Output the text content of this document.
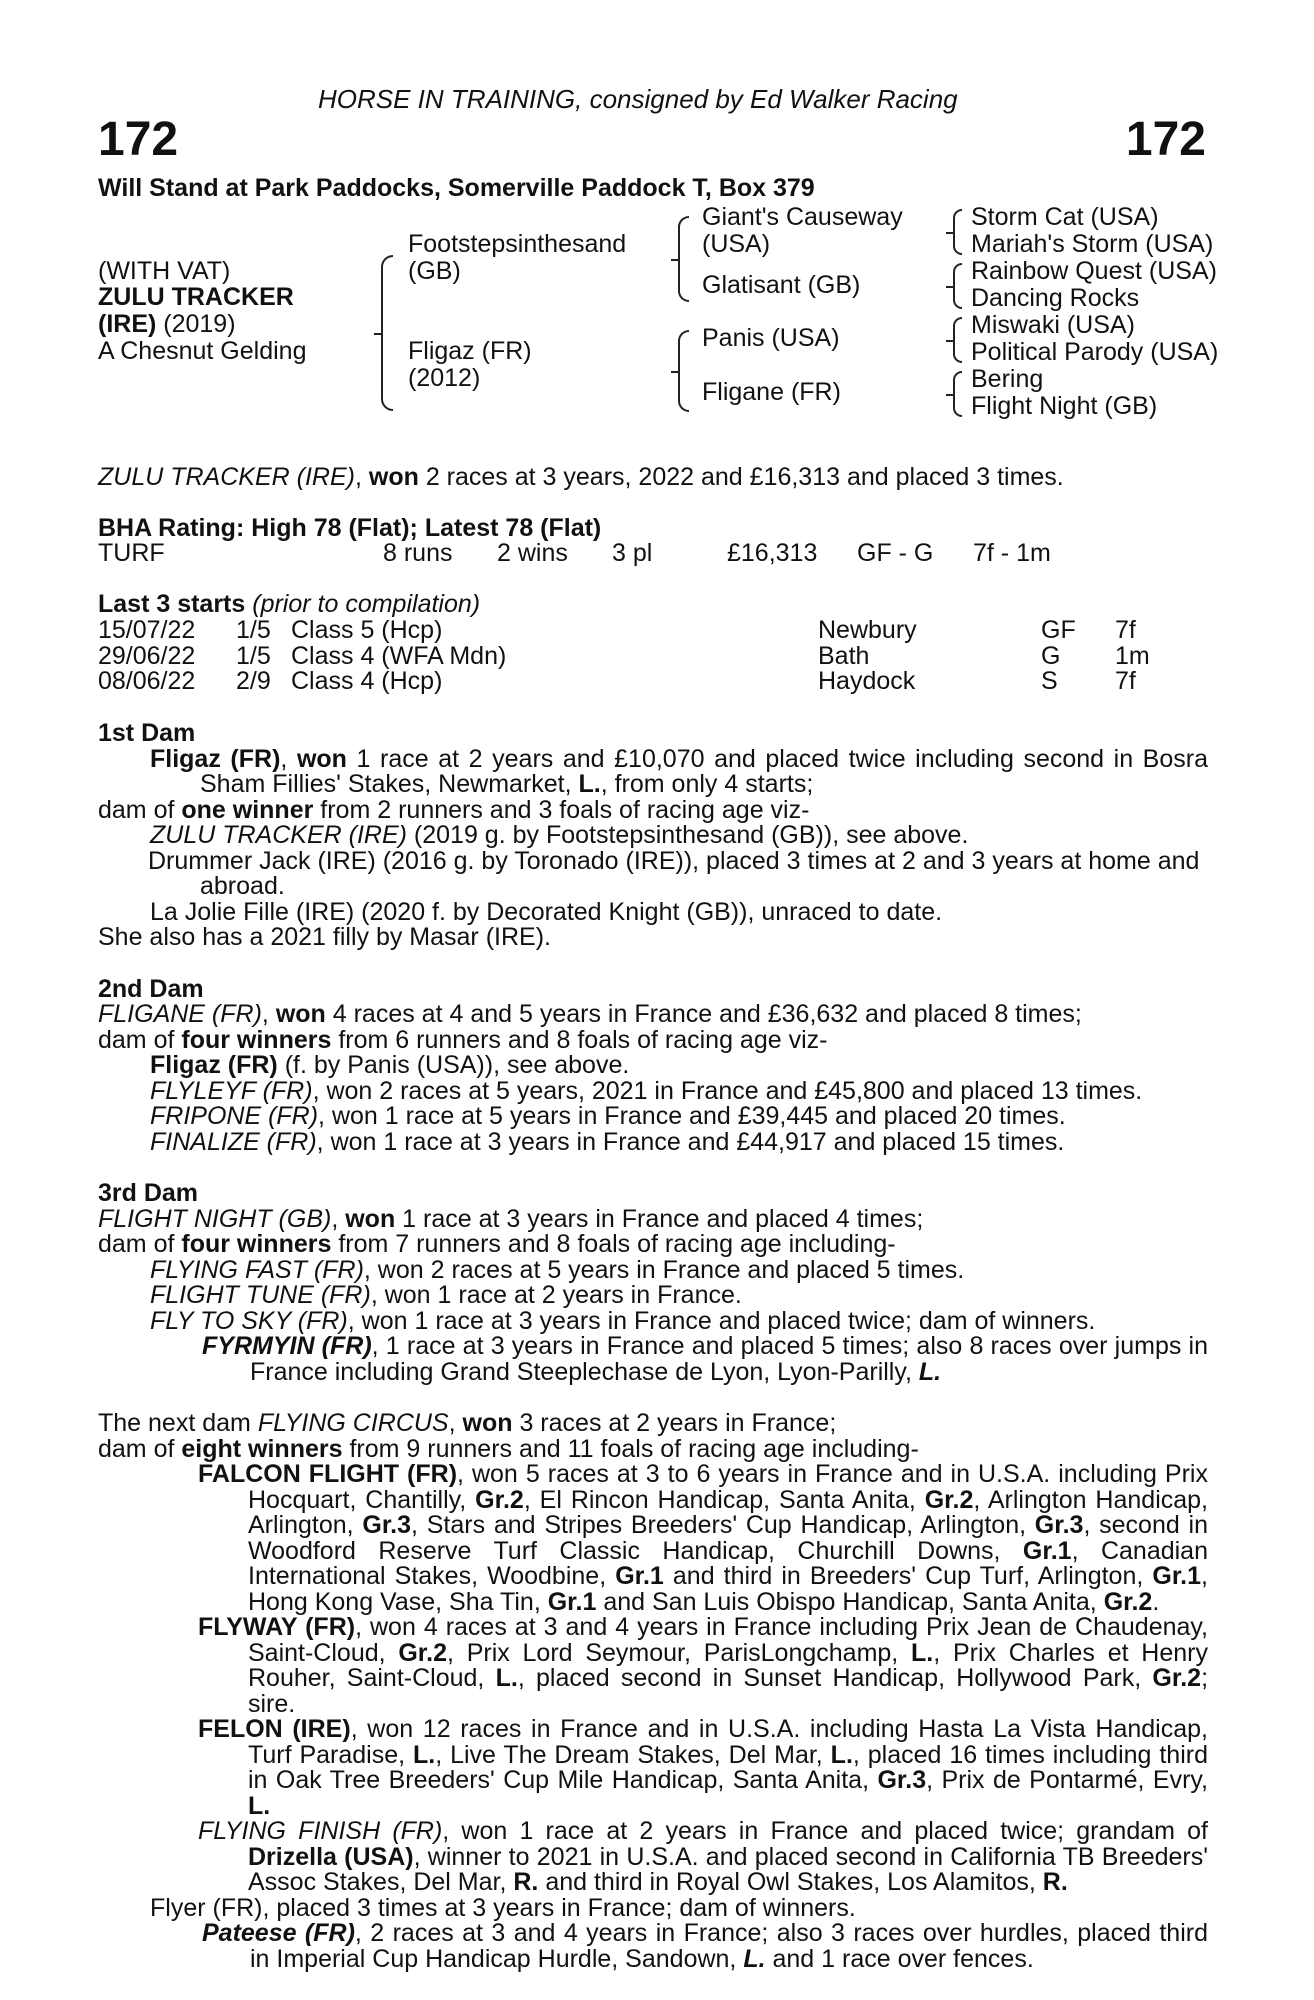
HORSE IN TRAINING, consigned by Ed Walker Racing
172	172
Will Stand at Park Paddocks, Somerville Paddock T, Box 379
(WITH VAT)
ZULU TRACKER
(IRE) (2019)
A Chesnut Gelding
Footstepsinthesand
(GB)
Fligaz (FR)
(2012)
Giant's Causeway
(USA)
Glatisant (GB)
Panis (USA)
Fligane (FR)
Storm Cat (USA)
Mariah's Storm (USA)
Rainbow Quest (USA)
Dancing Rocks
Miswaki (USA)
Political Parody (USA)
Bering
Flight Night (GB)
ZULU TRACKER (IRE), won 2 races at 3 years, 2022 and £16,313 and placed 3 times.
BHA Rating: High 78 (Flat); Latest 78 (Flat)
TURF	8 runs 2 wins 3 pl	£16,313 GF - G 7f - 1m
Last 3 starts (prior to compilation)
15/07/22 1/5 Class 5 (Hcp)	Newbury	GF 7f
29/06/22 1/5 Class 4 (WFA Mdn)	Bath	G 1m
08/06/22 2/9 Class 4 (Hcp)	Haydock	S 7f

1st Dam

Fligaz (FR), won 1 race at 2 years and £10,070 and placed twice including second in Bosra Sham Fillies' Stakes, Newmarket, L., from only 4 starts;

dam of one winner from 2 runners and 3 foals of racing age viz-

ZULU TRACKER (IRE) (2019 g. by Footstepsinthesand (GB)), see above.

Drummer Jack (IRE) (2016 g. by Toronado (IRE)), placed 3 times at 2 and 3 years at home and abroad.

La Jolie Fille (IRE) (2020 f. by Decorated Knight (GB)), unraced to date.

She also has a 2021 filly by Masar (IRE).

2nd Dam

FLIGANE (FR), won 4 races at 4 and 5 years in France and £36,632 and placed 8 times;

dam of four winners from 6 runners and 8 foals of racing age viz-

Fligaz (FR) (f. by Panis (USA)), see above.

FLYLEYF (FR), won 2 races at 5 years, 2021 in France and £45,800 and placed 13 times.

FRIPONE (FR), won 1 race at 5 years in France and £39,445 and placed 20 times.

FINALIZE (FR), won 1 race at 3 years in France and £44,917 and placed 15 times.

3rd Dam

FLIGHT NIGHT (GB), won 1 race at 3 years in France and placed 4 times;

dam of four winners from 7 runners and 8 foals of racing age including-

FLYING FAST (FR), won 2 races at 5 years in France and placed 5 times.

FLIGHT TUNE (FR), won 1 race at 2 years in France.

FLY TO SKY (FR), won 1 race at 3 years in France and placed twice; dam of winners.

FYRMYIN (FR), 1 race at 3 years in France and placed 5 times; also 8 races over jumps in France including Grand Steeplechase de Lyon, Lyon-Parilly, L.

The next dam FLYING CIRCUS, won 3 races at 2 years in France;

dam of eight winners from 9 runners and 11 foals of racing age including-

FALCON FLIGHT (FR), won 5 races at 3 to 6 years in France and in U.S.A. including Prix Hocquart, Chantilly, Gr.2, El Rincon Handicap, Santa Anita, Gr.2, Arlington Handicap, Arlington, Gr.3, Stars and Stripes Breeders' Cup Handicap, Arlington, Gr.3, second in Woodford Reserve Turf Classic Handicap, Churchill Downs, Gr.1, Canadian International Stakes, Woodbine, Gr.1 and third in Breeders' Cup Turf, Arlington, Gr.1, Hong Kong Vase, Sha Tin, Gr.1 and San Luis Obispo Handicap, Santa Anita, Gr.2.

FLYWAY (FR), won 4 races at 3 and 4 years in France including Prix Jean de Chaudenay, Saint-Cloud, Gr.2, Prix Lord Seymour, ParisLongchamp, L., Prix Charles et Henry Rouher, Saint-Cloud, L., placed second in Sunset Handicap, Hollywood Park, Gr.2; sire.

FELON (IRE), won 12 races in France and in U.S.A. including Hasta La Vista Handicap, Turf Paradise, L., Live The Dream Stakes, Del Mar, L., placed 16 times including third in Oak Tree Breeders' Cup Mile Handicap, Santa Anita, Gr.3, Prix de Pontarmé, Evry, L.

FLYING FINISH (FR), won 1 race at 2 years in France and placed twice; grandam of Drizella (USA), winner to 2021 in U.S.A. and placed second in California TB Breeders' Assoc Stakes, Del Mar, R. and third in Royal Owl Stakes, Los Alamitos, R.

Flyer (FR), placed 3 times at 3 years in France; dam of winners.

Pateese (FR), 2 races at 3 and 4 years in France; also 3 races over hurdles, placed third in Imperial Cup Handicap Hurdle, Sandown, L. and 1 race over fences.
